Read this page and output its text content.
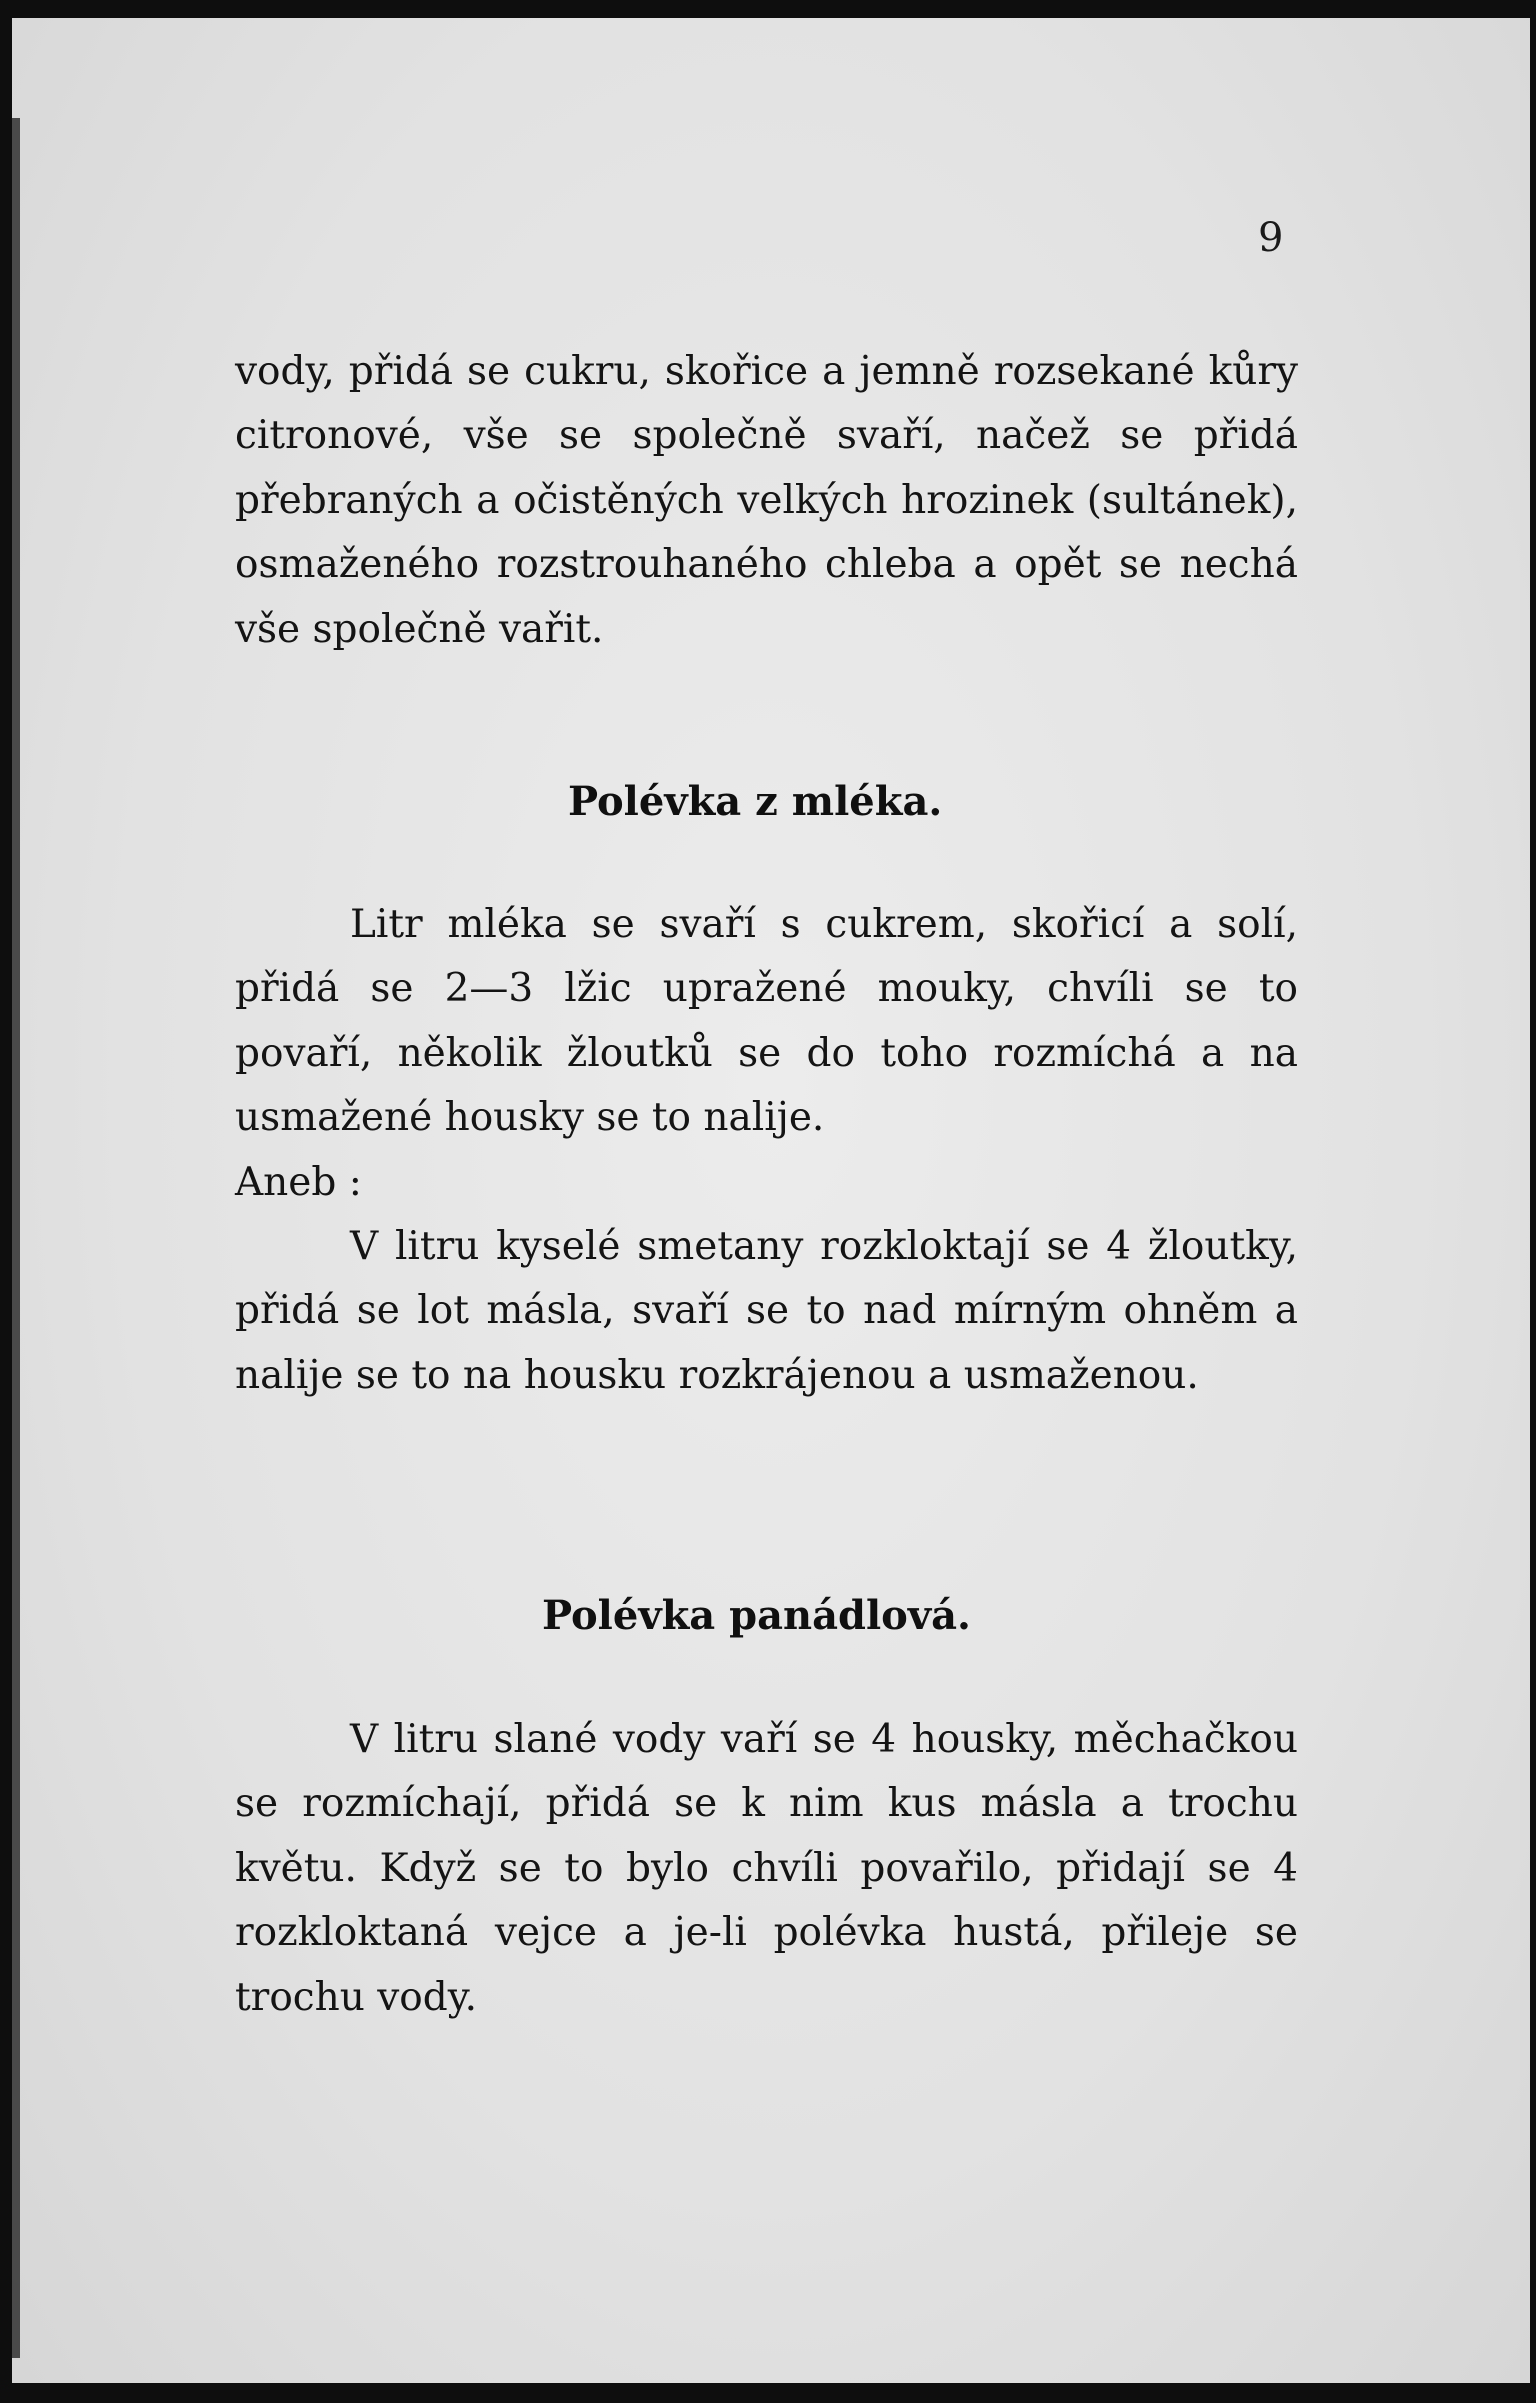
9

vody, přidá se cukru, skořice a jemně rozsekané kůry citronové, vše se společně svaří, načež se přidá přebraných a očistěných velkých hrozinek (sultánek), osmaženého rozstrouhaného chleba a opět se nechá vše společně vařit.

Polévka z mléka.

Litr mléka se svaří s cukrem, skořicí a solí, přidá se 2—3 lžic upražené mouky, chvíli se to povaří, několik žloutků se do toho rozmíchá a na usmažené housky se to nalije.

Aneb :

V litru kyselé smetany rozkloktají se 4 žloutky, přidá se lot másla, svaří se to nad mírným ohněm a nalije se to na housku rozkrájenou a usmaženou.

Polévka panádlová.

V litru slané vody vaří se 4 housky, měchačkou se rozmíchají, přidá se k nim kus másla a trochu květu. Když se to bylo chvíli povařilo, přidají se 4 rozkloktaná vejce a je-li polévka hustá, přileje se trochu vody.
